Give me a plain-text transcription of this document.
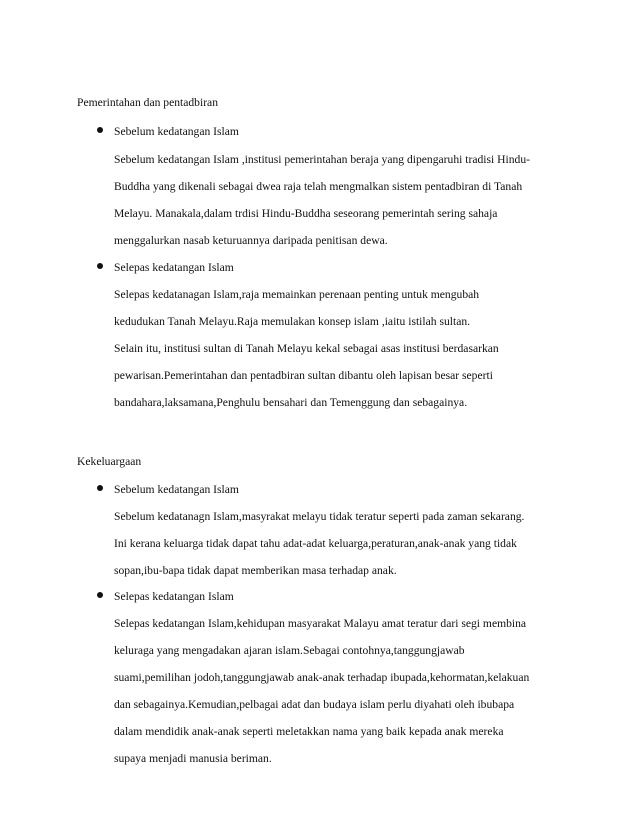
Pemerintahan dan pentadbiran
Sebelum kedatangan Islam
Sebelum kedatangan Islam ,institusi pemerintahan beraja yang dipengaruhi tradisi Hindu-
Buddha yang dikenali sebagai dwea raja telah mengmalkan sistem pentadbiran di Tanah
Melayu. Manakala,dalam trdisi Hindu-Buddha seseorang pemerintah sering sahaja
menggalurkan nasab keturuannya daripada penitisan dewa.
Selepas kedatangan Islam
Selepas kedatanagan Islam,raja memainkan perenaan penting untuk mengubah
kedudukan Tanah Melayu.Raja memulakan konsep islam ,iaitu istilah sultan.
Selain itu, institusi sultan di Tanah Melayu kekal sebagai asas institusi berdasarkan
pewarisan.Pemerintahan dan pentadbiran sultan dibantu oleh lapisan besar seperti
bandahara,laksamana,Penghulu bensahari dan Temenggung dan sebagainya.
Kekeluargaan
Sebelum kedatangan Islam
Sebelum kedatanagn Islam,masyrakat melayu tidak teratur seperti pada zaman sekarang.
Ini kerana keluarga tidak dapat tahu adat-adat keluarga,peraturan,anak-anak yang tidak
sopan,ibu-bapa tidak dapat memberikan masa terhadap anak.
Selepas kedatangan Islam
Selepas kedatangan Islam,kehidupan masyarakat Malayu amat teratur dari segi membina
keluraga yang mengadakan ajaran islam.Sebagai contohnya,tanggungjawab
suami,pemilihan jodoh,tanggungjawab anak-anak terhadap ibupada,kehormatan,kelakuan
dan sebagainya.Kemudian,pelbagai adat dan budaya islam perlu diyahati oleh ibubapa
dalam mendidik anak-anak seperti meletakkan nama yang baik kepada anak mereka
supaya menjadi manusia beriman.
